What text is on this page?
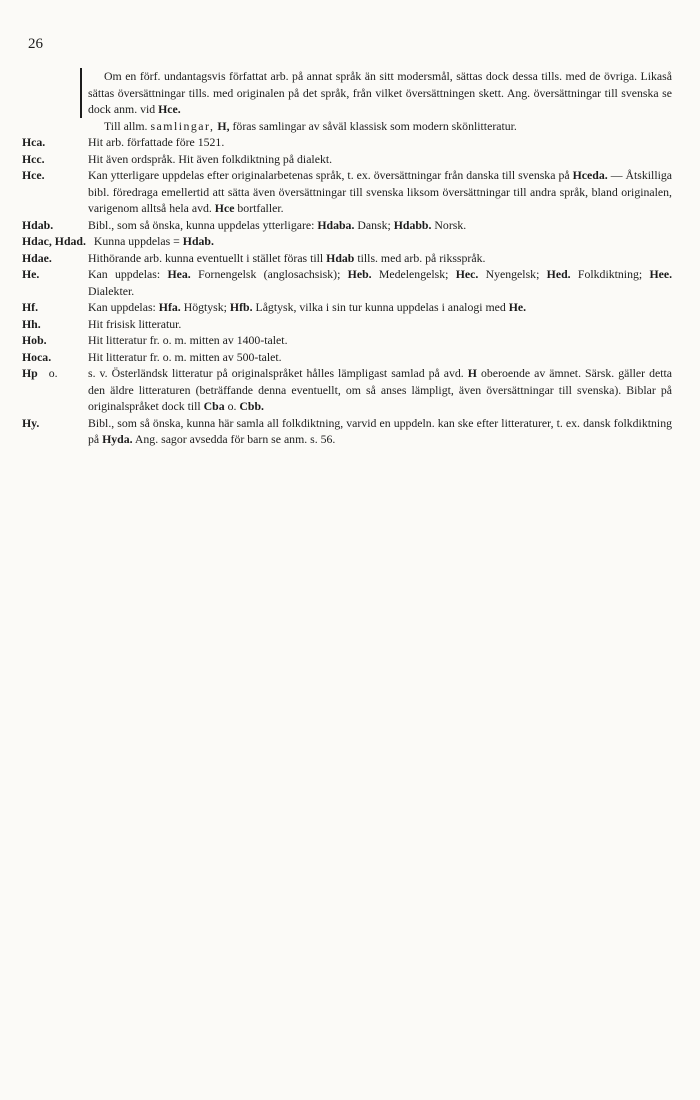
26
Om en förf. undantagsvis författat arb. på annat språk än sitt modersmål, sättas dock dessa tills. med de övriga. Likaså sättas översättningar tills. med originalen på det språk, från vilket översättningen skett. Ang. översättningar till svenska se dock anm. vid Hce.
Till allm. samlingar, H, föras samlingar av såväl klassisk som modern skönlitteratur.
Hca.	Hit arb. författade före 1521.
Hcc.	Hit även ordspråk. Hit även folkdiktning på dialekt.
Hce.	Kan ytterligare uppdelas efter originalarbetenas språk, t. ex. översättningar från danska till svenska på Hceda. — Åtskilliga bibl. föredraga emellertid att sätta även översättningar till svenska liksom översättningar till andra språk, bland originalen, varigenom alltså hela avd. Hce bortfaller.
Hdab.	Bibl., som så önska, kunna uppdelas ytterligare: Hdaba. Dansk; Hdabb. Norsk.
Hdac, Hdad. Kunna uppdelas = Hdab.
Hdae.	Hithörande arb. kunna eventuellt i stället föras till Hdab tills. med arb. på riksspråk.
He.	Kan uppdelas: Hea. Fornengelsk (anglosachsisk); Heb. Medelengelsk; Hec. Nyengelsk; Hed. Folkdiktning; Hee. Dialekter.
Hf.	Kan uppdelas: Hfa. Högtysk; Hfb. Lågtysk, vilka i sin tur kunna uppdelas i analogi med He.
Hh.	Hit frisisk litteratur.
Hob.	Hit litteratur fr. o. m. mitten av 1400-talet.
Hoca.	Hit litteratur fr. o. m. mitten av 500-talet.
Hp o.	s. v. Österländsk litteratur på originalspråket hålles lämpligast samlad på avd. H oberoende av ämnet. Särsk. gäller detta den äldre litteraturen (beträffande denna eventuellt, om så anses lämpligt, även översättningar till svenska). Biblar på originalspråket dock till Cba o. Cbb.
Hy.	Bibl., som så önska, kunna här samla all folkdiktning, varvid en uppdeln. kan ske efter litteraturer, t. ex. dansk folkdiktning på Hyda. Ang. sagor avsedda för barn se anm. s. 56.
